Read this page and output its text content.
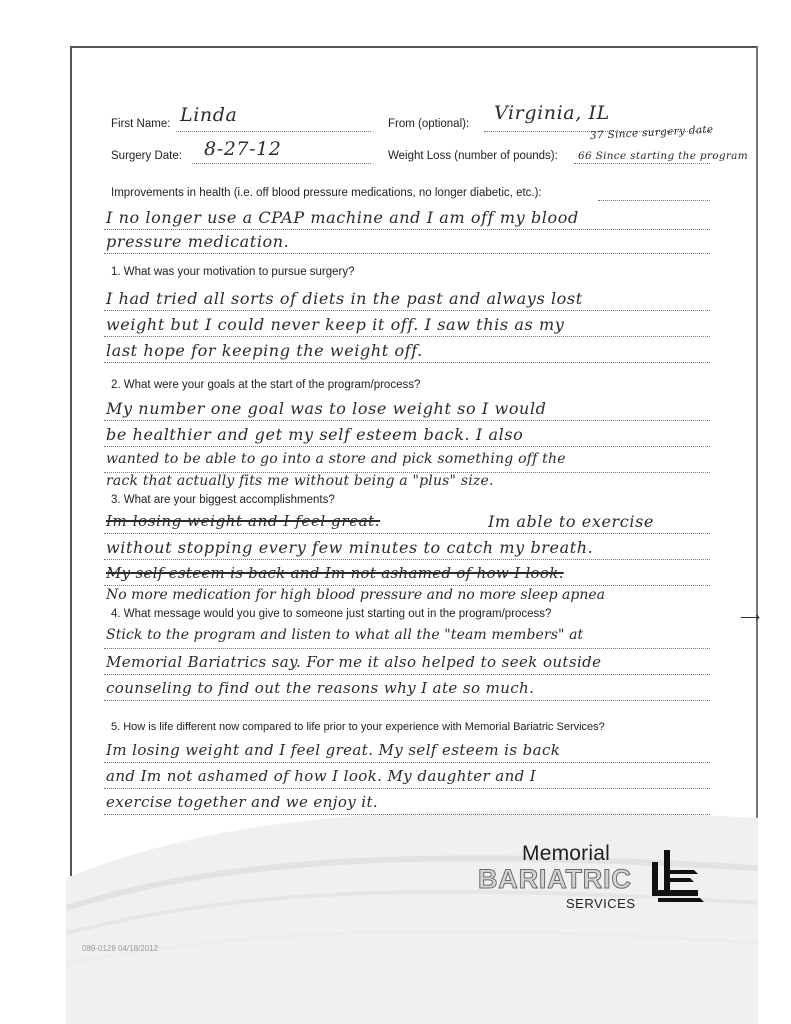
First Name: Linda	From (optional): Virginia, IL
Surgery Date: 8-27-12	Weight Loss (number of pounds):
37 Since surgery date
66 Since starting the program
Improvements in health (i.e. off blood pressure medications, no longer diabetic, etc.):
I no longer use a CPAP machine and I am off my blood
pressure medication.
1. What was your motivation to pursue surgery?
I had tried all sorts of diets in the past and always lost
weight but I could never keep it off. I saw this as my
last hope for keeping the weight off.
2. What were your goals at the start of the program/process?
My number one goal was to lose weight so I would
be healthier and get my self esteem back. I also
wanted to be able to go into a store and pick something off the
rack that actually fits me without being a "plus" size.
3. What are your biggest accomplishments?
Im losing weight and I feel great.	Im able to exercise
without stopping every few minutes to catch my breath.
My self esteem is back and Im not ashamed of how I look.
No more medication for high blood pressure and no more sleep apnea
⟶
4. What message would you give to someone just starting out in the program/process?
Stick to the program and listen to what all the "team members" at
Memorial Bariatrics say. For me it also helped to seek outside
counseling to find out the reasons why I ate so much.
5. How is life different now compared to life prior to your experience with Memorial Bariatric Services?
Im losing weight and I feel great. My self esteem is back
and Im not ashamed of how I look. My daughter and I
exercise together and we enjoy it.
Memorial
BARIATRIC
SERVICES
089-0128 04/18/2012
